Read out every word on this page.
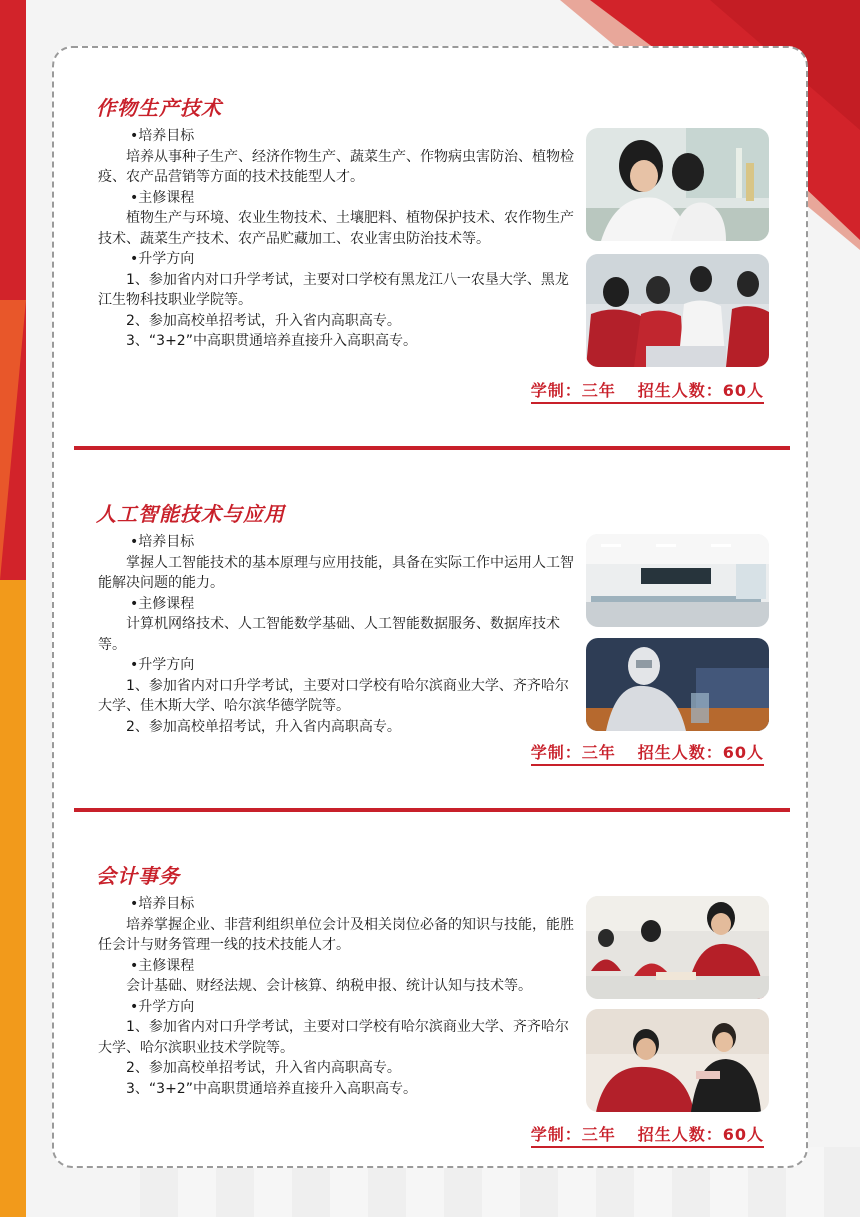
作物生产技术
•培养目标
培养从事种子生产、经济作物生产、蔬菜生产、作物病虫害防治、植物检疫、农产品营销等方面的技术技能型人才。
•主修课程
植物生产与环境、农业生物技术、土壤肥料、植物保护技术、农作物生产技术、蔬菜生产技术、农产品贮藏加工、农业害虫防治技术等。
•升学方向
1、参加省内对口升学考试，主要对口学校有黑龙江八一农垦大学、黑龙江生物科技职业学院等。
2、参加高校单招考试，升入省内高职高专。
3、“3+2”中高职贯通培养直接升入高职高专。
学制：三年 招生人数：60人
人工智能技术与应用
•培养目标
掌握人工智能技术的基本原理与应用技能，具备在实际工作中运用人工智能解决问题的能力。
•主修课程
计算机网络技术、人工智能数学基础、人工智能数据服务、数据库技术等。
•升学方向
1、参加省内对口升学考试，主要对口学校有哈尔滨商业大学、齐齐哈尔大学、佳木斯大学、哈尔滨华德学院等。
2、参加高校单招考试，升入省内高职高专。
学制：三年 招生人数：60人
会计事务
•培养目标
培养掌握企业、非营利组织单位会计及相关岗位必备的知识与技能，能胜任会计与财务管理一线的技术技能人才。
•主修课程
会计基础、财经法规、会计核算、纳税申报、统计认知与技术等。
•升学方向
1、参加省内对口升学考试，主要对口学校有哈尔滨商业大学、齐齐哈尔大学、哈尔滨职业技术学院等。
2、参加高校单招考试，升入省内高职高专。
3、“3+2”中高职贯通培养直接升入高职高专。
学制：三年 招生人数：60人
